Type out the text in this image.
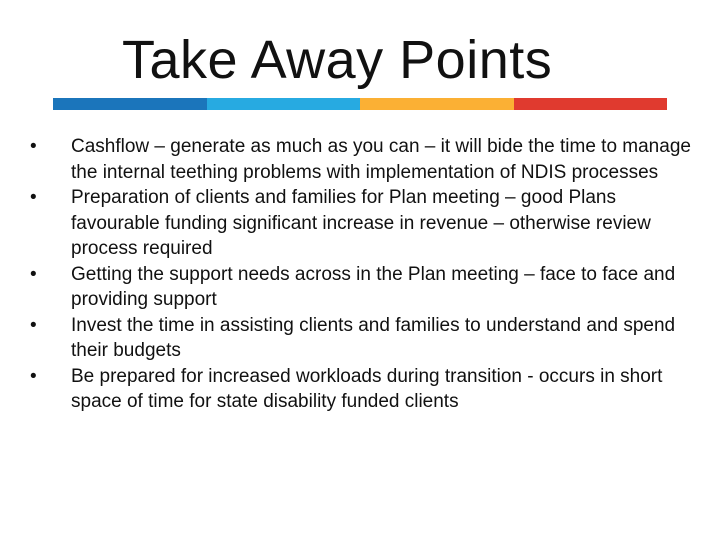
Take Away Points
•	Cashflow – generate as much as you can – it will bide the time to manage the internal teething problems with implementation of NDIS processes
•	Preparation of clients and families for Plan meeting – good Plans favourable funding significant increase in revenue – otherwise review process required
•	Getting the support needs across in the Plan meeting – face to face and providing support
•	Invest the time in assisting clients and families to understand and spend their budgets
•	Be prepared for increased workloads during transition - occurs in short space of time for state disability funded clients
